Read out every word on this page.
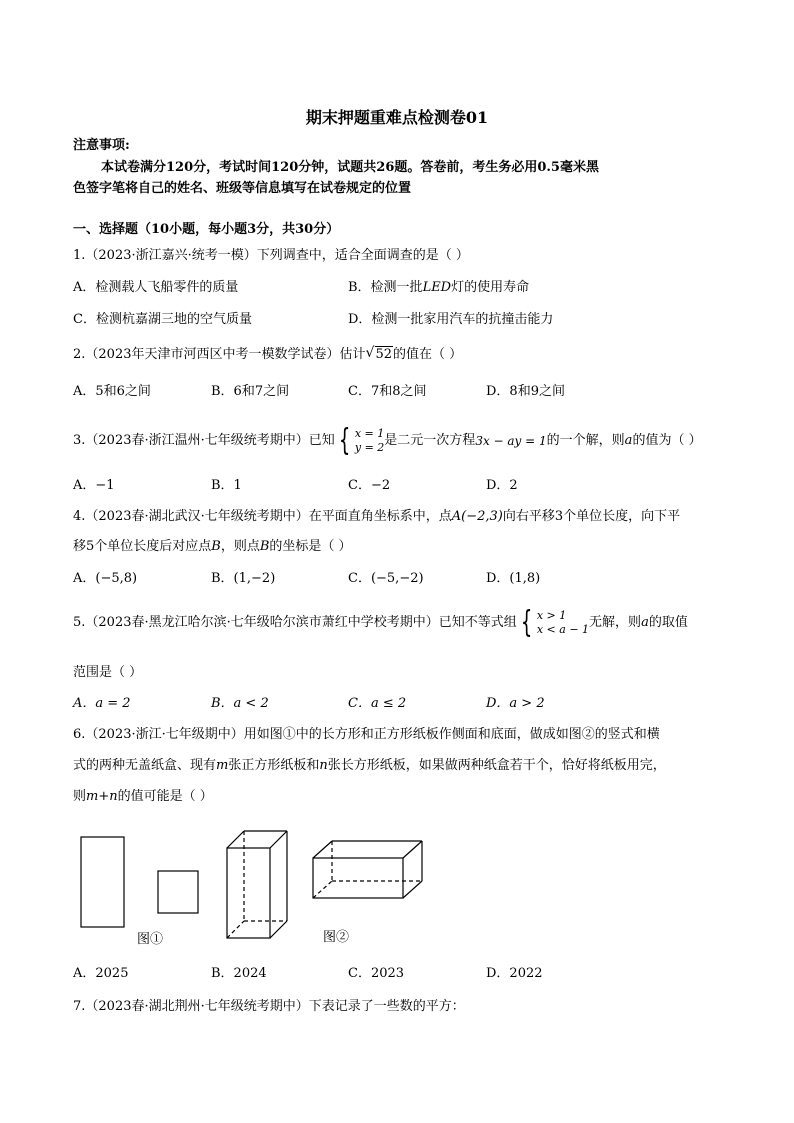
期末押题重难点检测卷01
注意事项:
本试卷满分120分，考试时间120分钟，试题共26题。答卷前，考生务必用0.5毫米黑
色签字笔将自己的姓名、班级等信息填写在试卷规定的位置
一、选择题（10小题，每小题3分，共30分）
1.（2023·浙江嘉兴·统考一模）下列调查中，适合全面调查的是（ ）
A．检测载人飞船零件的质量	B．检测一批LED灯的使用寿命
C．检测杭嘉湖三地的空气质量	D．检测一批家用汽车的抗撞击能力
2.（2023年天津市河西区中考一模数学试卷）估计 √ 52的值在（ ）
A．5和6之间	B．6和7之间	C．7和8之间	D．8和9之间
3.（2023春·浙江温州·七年级统考期中）已知 { x = 1
y = 2 是二元一次方程 3x − ay = 1 的一个解，则 a 的值为（ ）
A．−1	B．1	C．−2	D．2
4.（2023春·湖北武汉·七年级统考期中）在平面直角坐标系中，点A(−2,3)向右平移3个单位长度，向下平
移5个单位长度后对应点B，则点B的坐标是（ ）
A．(−5,8)	B．(1,−2)	C．(−5,−2)	D．(1,8)
5.（2023春·黑龙江哈尔滨·七年级哈尔滨市萧红中学校考期中）已知不等式组 { x > 1
x < a − 1 无解，则 a 的取值
范围是（ ）
A．a = 2	B．a < 2	C．a ≤ 2	D．a > 2
6.（2023·浙江·七年级期中）用如图①中的长方形和正方形纸板作侧面和底面，做成如图②的竖式和横
式的两种无盖纸盒、现有m张正方形纸板和n张长方形纸板，如果做两种纸盒若干个，恰好将纸板用完，
则m+n的值可能是（ ）
图①	图②
A．2025	B．2024	C．2023	D．2022
7.（2023春·湖北荆州·七年级统考期中）下表记录了一些数的平方：
